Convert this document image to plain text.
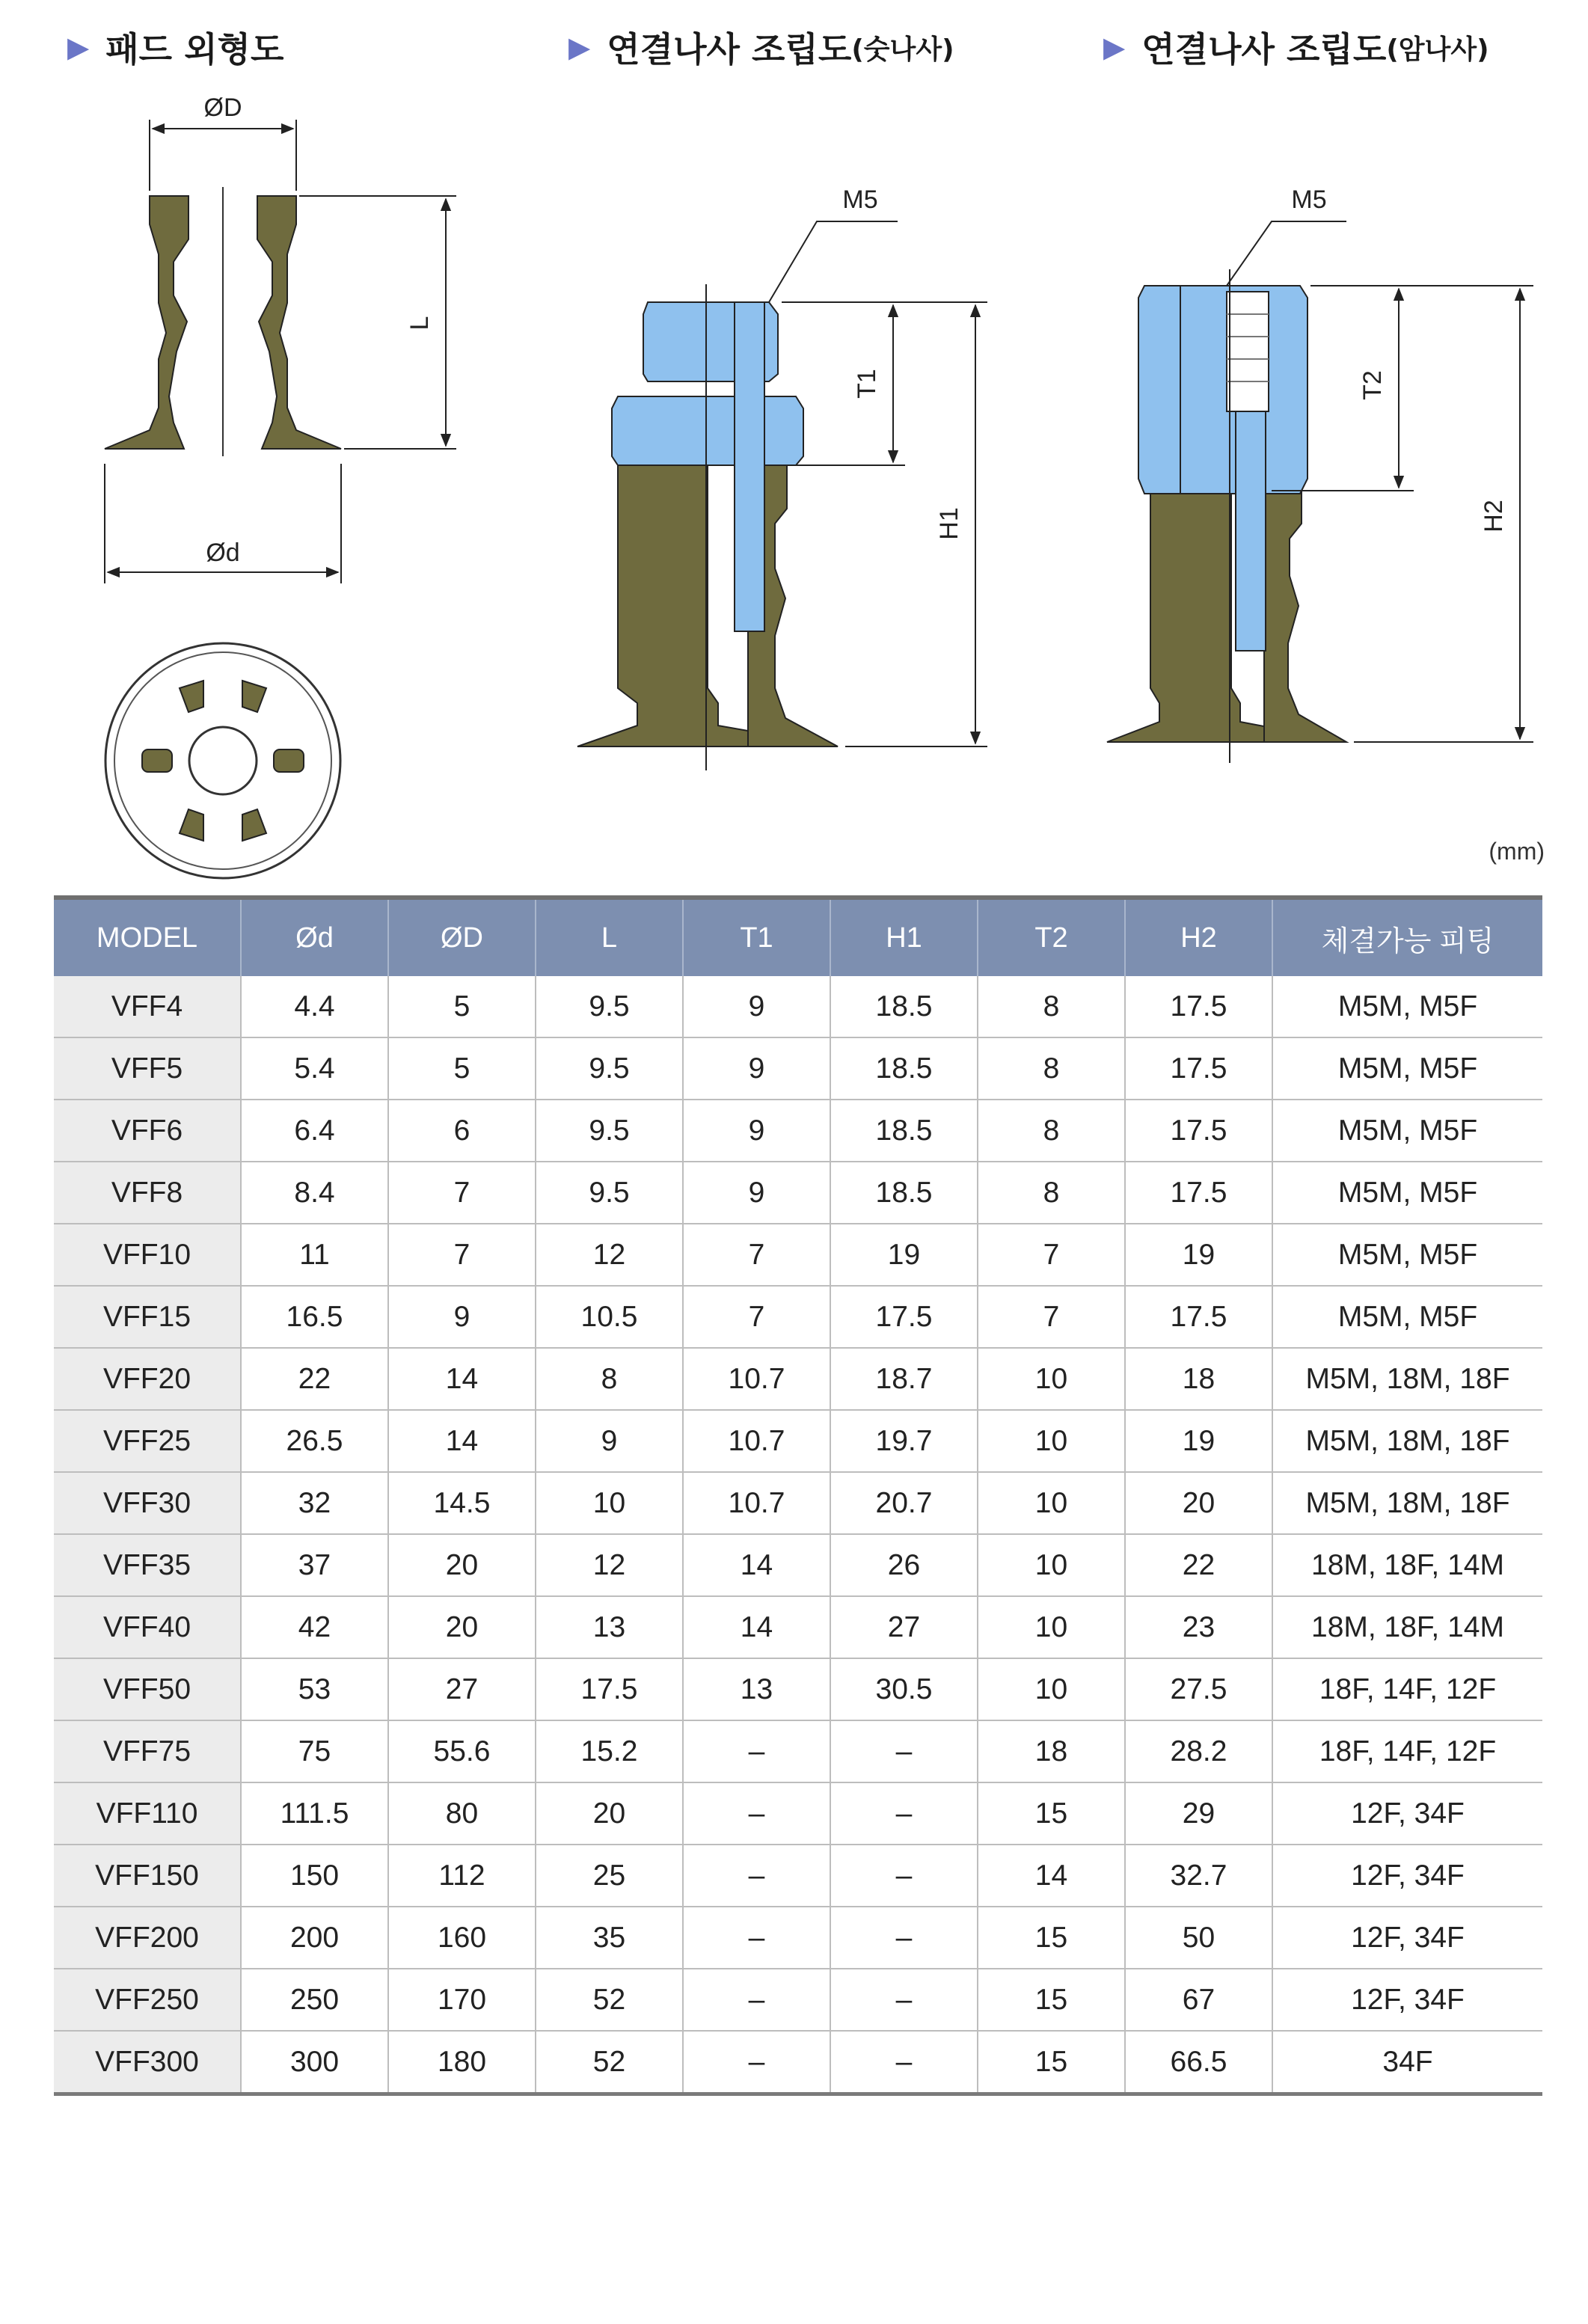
▶ 패드 외형도	▶ 연결나사 조립도 (숫나사)	▶ 연결나사 조립도 (암나사)
ØD
L
Ød
M5
T1
H1
M5
T2
H2
(mm)
MODEL	Ød	ØD	L	T1	H1	T2	H2	체결가능 피팅
VFF4	4.4	5	9.5	9	18.5	8	17.5	M5M, M5F
VFF5	5.4	5	9.5	9	18.5	8	17.5	M5M, M5F
VFF6	6.4	6	9.5	9	18.5	8	17.5	M5M, M5F
VFF8	8.4	7	9.5	9	18.5	8	17.5	M5M, M5F
VFF10	11	7	12	7	19	7	19	M5M, M5F
VFF15	16.5	9	10.5	7	17.5	7	17.5	M5M, M5F
VFF20	22	14	8	10.7	18.7	10	18	M5M, 18M, 18F
VFF25	26.5	14	9	10.7	19.7	10	19	M5M, 18M, 18F
VFF30	32	14.5	10	10.7	20.7	10	20	M5M, 18M, 18F
VFF35	37	20	12	14	26	10	22	18M, 18F, 14M
VFF40	42	20	13	14	27	10	23	18M, 18F, 14M
VFF50	53	27	17.5	13	30.5	10	27.5	18F, 14F, 12F
VFF75	75	55.6	15.2	–	–	18	28.2	18F, 14F, 12F
VFF110	111.5	80	20	–	–	15	29	12F, 34F
VFF150	150	112	25	–	–	14	32.7	12F, 34F
VFF200	200	160	35	–	–	15	50	12F, 34F
VFF250	250	170	52	–	–	15	67	12F, 34F
VFF300	300	180	52	–	–	15	66.5	34F
